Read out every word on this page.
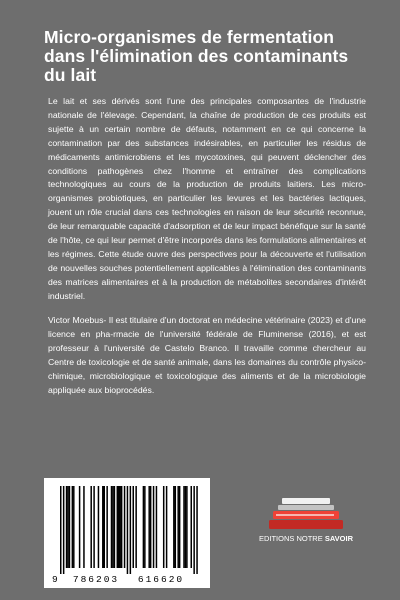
Micro-organismes de fermentation dans l'élimination des contaminants du lait

Le lait et ses dérivés sont l'une des principales composantes de l'industrie nationale de l'élevage. Cependant, la chaîne de production de ces produits est sujette à un certain nombre de défauts, notamment en ce qui concerne la contamination par des substances indésirables, en particulier les résidus de médicaments antimicrobiens et les mycotoxines, qui peuvent déclencher des conditions pathogènes chez l'homme et entraîner des complications technologiques au cours de la production de produits laitiers. Les micro-organismes probiotiques, en particulier les levures et les bactéries lactiques, jouent un rôle crucial dans ces technologies en raison de leur sécurité reconnue, de leur remarquable capacité d'adsorption et de leur impact bénéfique sur la santé de l'hôte, ce qui leur permet d'être incorporés dans les formulations alimentaires et les régimes. Cette étude ouvre des perspectives pour la découverte et l'utilisation de nouvelles souches potentiellement applicables à l'élimination des contaminants des matrices alimentaires et à la production de métabolites secondaires d'intérêt industriel.

Victor Moebus- Il est titulaire d'un doctorat en médecine vétérinaire (2023) et d'une licence en pha-rmacie de l'université fédérale de Fluminense (2016), et est professeur à l'université de Castelo Branco. Il travaille comme chercheur au Centre de toxicologie et de santé animale, dans les domaines du contrôle physico-chimique, microbiologique et toxicologique des aliments et de la microbiologie appliquée aux bioprocédés.

9 786203 616620
EDITIONS NOTRE SAVOIR
